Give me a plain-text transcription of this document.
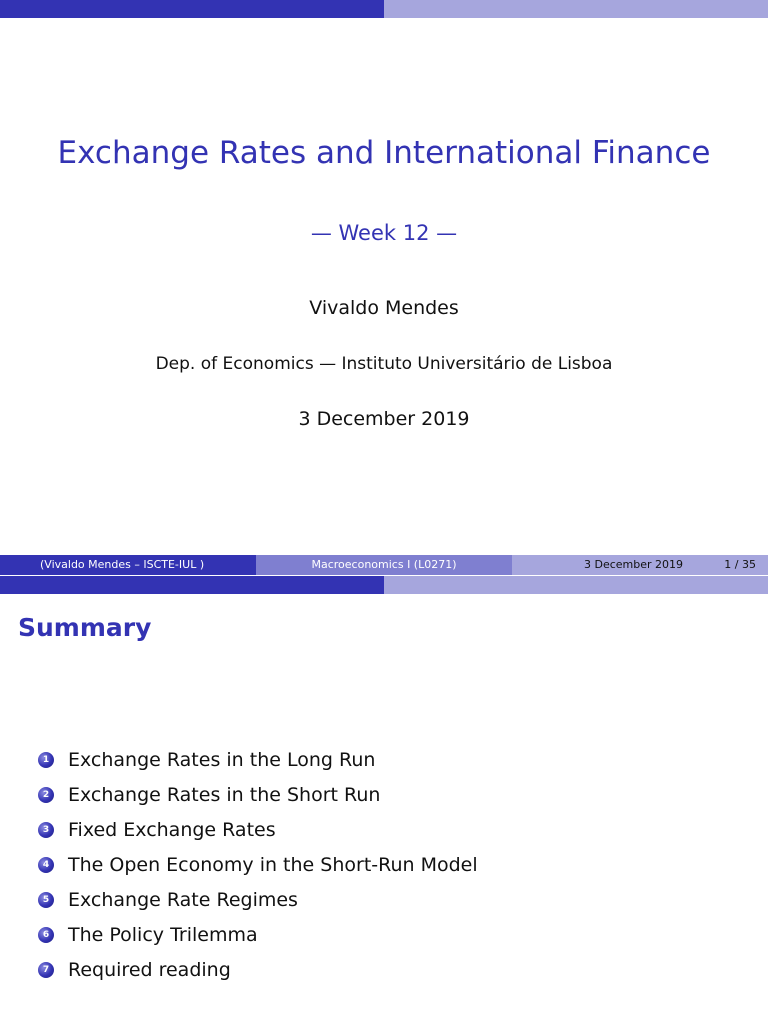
Exchange Rates and International Finance
— Week 12 —
Vivaldo Mendes
Dep. of Economics — Instituto Universitário de Lisboa
3 December 2019
(Vivaldo Mendes – ISCTE-IUL )	Macroeconomics I (L0271)	3 December 2019	1 / 35
Summary
1 Exchange Rates in the Long Run
2 Exchange Rates in the Short Run
3 Fixed Exchange Rates
4 The Open Economy in the Short-Run Model
5 Exchange Rate Regimes
6 The Policy Trilemma
7 Required reading
